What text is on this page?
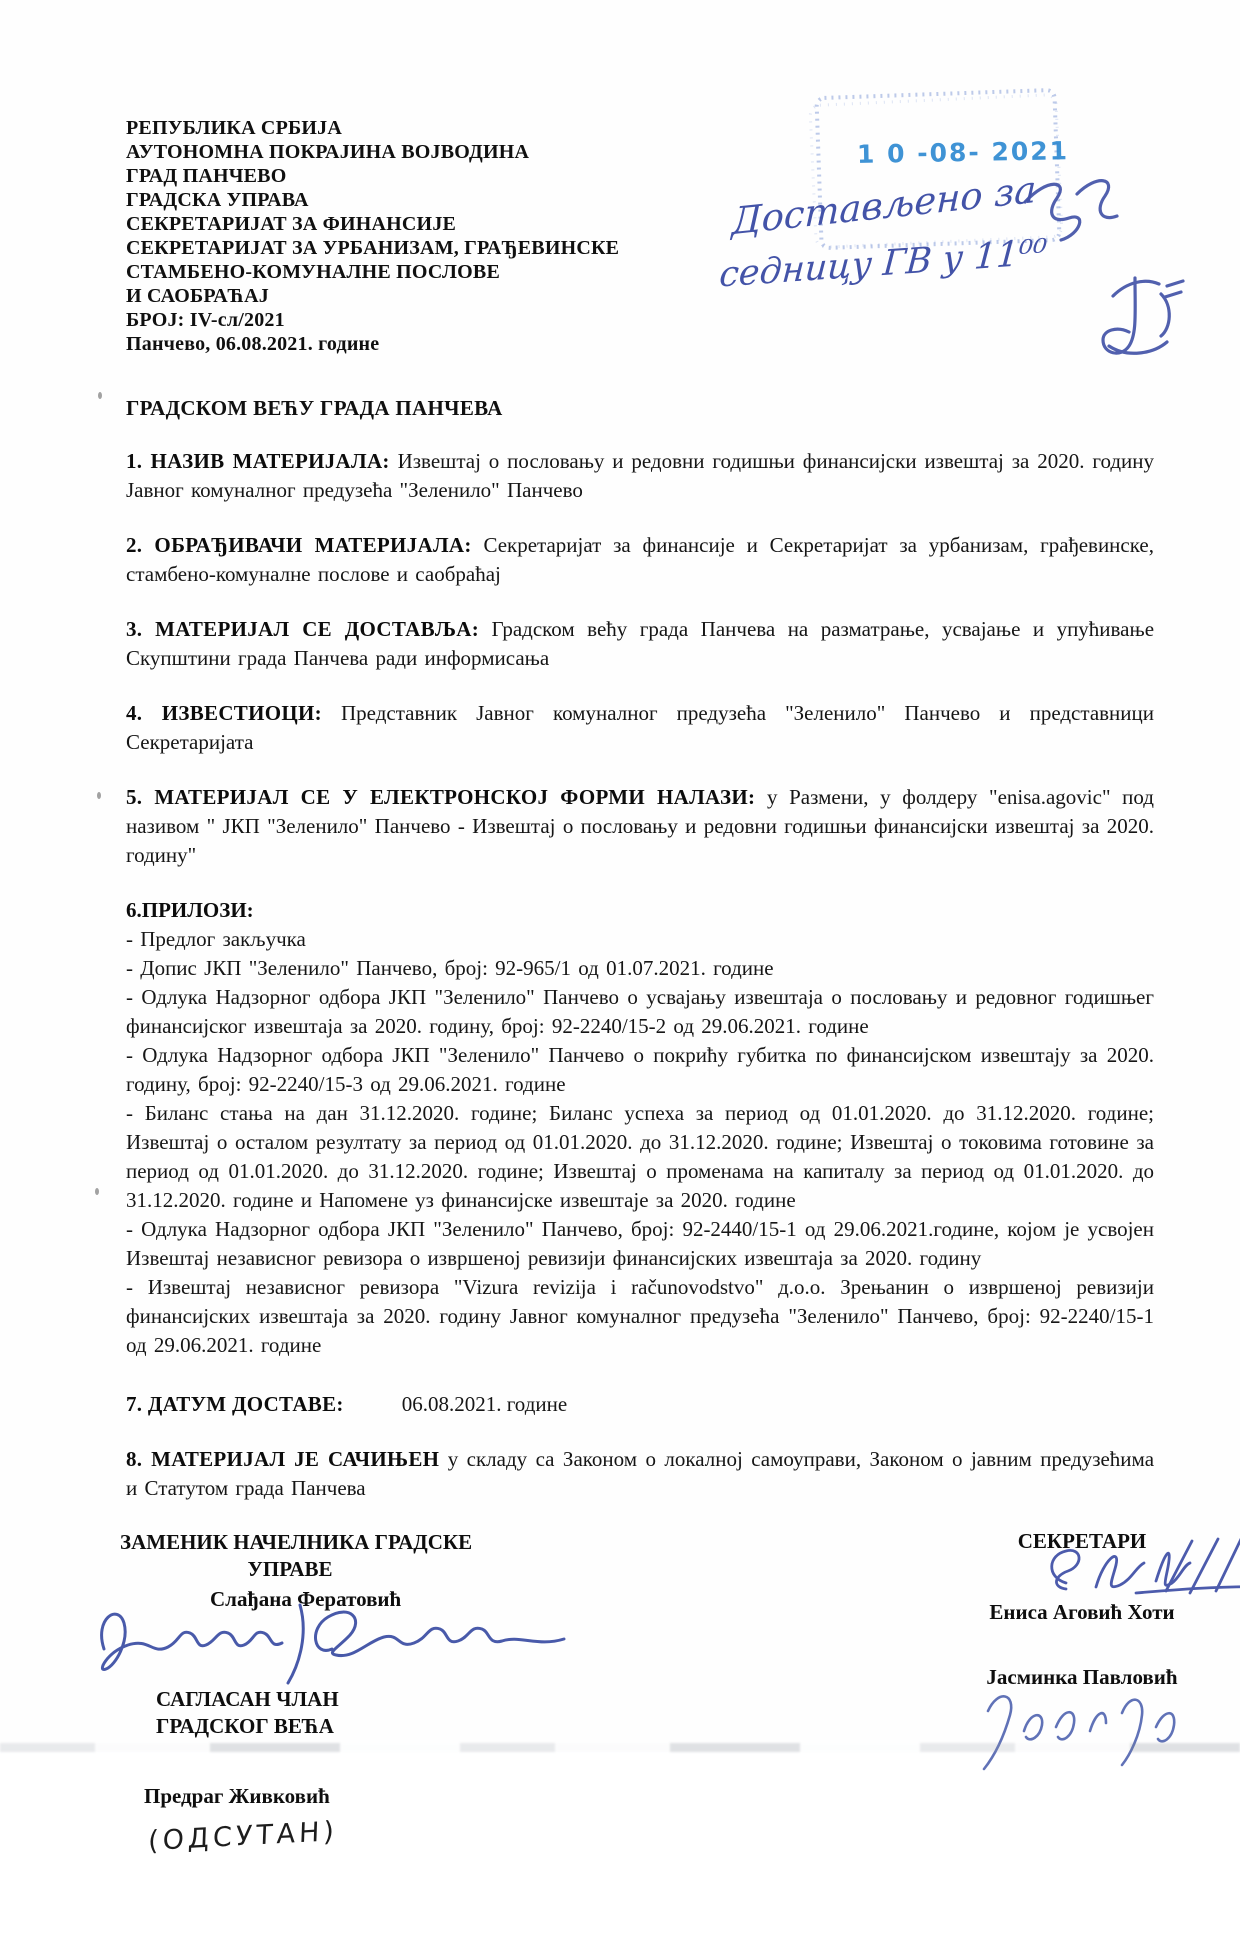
1 0 -08- 2021
Достављено за
седницу ГВ у 11⁰⁰
РЕПУБЛИКА СРБИЈА
АУТОНОМНА ПОКРАЈИНА ВОЈВОДИНА
ГРАД ПАНЧЕВО
ГРАДСКА УПРАВА
СЕКРЕТАРИЈАТ ЗА ФИНАНСИЈЕ
СЕКРЕТАРИЈАТ ЗА УРБАНИЗАМ, ГРАЂЕВИНСКЕ
СТАМБЕНО-КОМУНАЛНЕ ПОСЛОВЕ
И САОБРАЋАЈ
БРОЈ: IV-сл/2021
Панчево, 06.08.2021. године
ГРАДСКОМ ВЕЋУ ГРАДА ПАНЧЕВА

1. НАЗИВ МАТЕРИЈАЛА: Извештај о пословању и редовни годишњи финансијски извештај за 2020. годину Јавног комуналног предузећа "Зеленило" Панчево

2. ОБРАЂИВАЧИ МАТЕРИЈАЛА: Секретаријат за финансије и Секретаријат за урбанизам, грађевинске, стамбено-комуналне послове и саобраћај

3. МАТЕРИЈАЛ СЕ ДОСТАВЉА: Градском већу града Панчева на разматрање, усвајање и упућивање Скупштини града Панчева ради информисања

4. ИЗВЕСТИОЦИ: Представник Јавног комуналног предузећа "Зеленило" Панчево и представници Секретаријата

5. МАТЕРИЈАЛ СЕ У ЕЛЕКТРОНСКОЈ ФОРМИ НАЛАЗИ: у Размени, у фолдеру "enisa.agovic" под називом " ЈКП "Зеленило" Панчево - Извештај о пословању и редовни годишњи финансијски извештај за 2020. годину"

6.ПРИЛОЗИ:
- Предлог закључка
- Допис ЈКП "Зеленило" Панчево, број: 92-965/1 од 01.07.2021. године
- Одлука Надзорног одбора ЈКП "Зеленило" Панчево о усвајању извештаја о пословању и редовног годишњег финансијског извештаја за 2020. годину, број: 92-2240/15-2 од 29.06.2021. године
- Одлука Надзорног одбора ЈКП "Зеленило" Панчево о покрићу губитка по финансијском извештају за 2020. годину, број: 92-2240/15-3 од 29.06.2021. године
- Биланс стања на дан 31.12.2020. године; Биланс успеха за период од 01.01.2020. до 31.12.2020. године; Извештај о осталом резултату за период од 01.01.2020. до 31.12.2020. године; Извештај о токовима готовине за период од 01.01.2020. до 31.12.2020. године; Извештај о променама на капиталу за период од 01.01.2020. до 31.12.2020. године и Напомене уз финансијске извештаје за 2020. године
- Одлука Надзорног одбора ЈКП "Зеленило" Панчево, број: 92-2440/15-1 од 29.06.2021.године, којом је усвојен Извештај независног ревизора о извршеној ревизији финансијских извештаја за 2020. годину
- Извештај независног ревизора "Vizura revizija i računovodstvo" д.о.о. Зрењанин о извршеној ревизији финансијских извештаја за 2020. годину Јавног комуналног предузећа "Зеленило" Панчево, број: 92-2240/15-1 од 29.06.2021. године
7. ДАТУМ ДОСТАВЕ:	06.08.2021. године

8. МАТЕРИЈАЛ ЈЕ САЧИЊЕН у складу са Законом о локалној самоуправи, Законом о јавним предузећима и Статутом града Панчева

ЗАМЕНИК НАЧЕЛНИКА ГРАДСКЕ
УПРАВЕ
Слађана Фератовић
САГЛАСАН ЧЛАН
ГРАДСКОГ ВЕЋА
Предраг Живковић
(ОДСУТАН)
СЕКРЕТАРИ
Ениса Аговић Хоти
Јасминка Павловић
